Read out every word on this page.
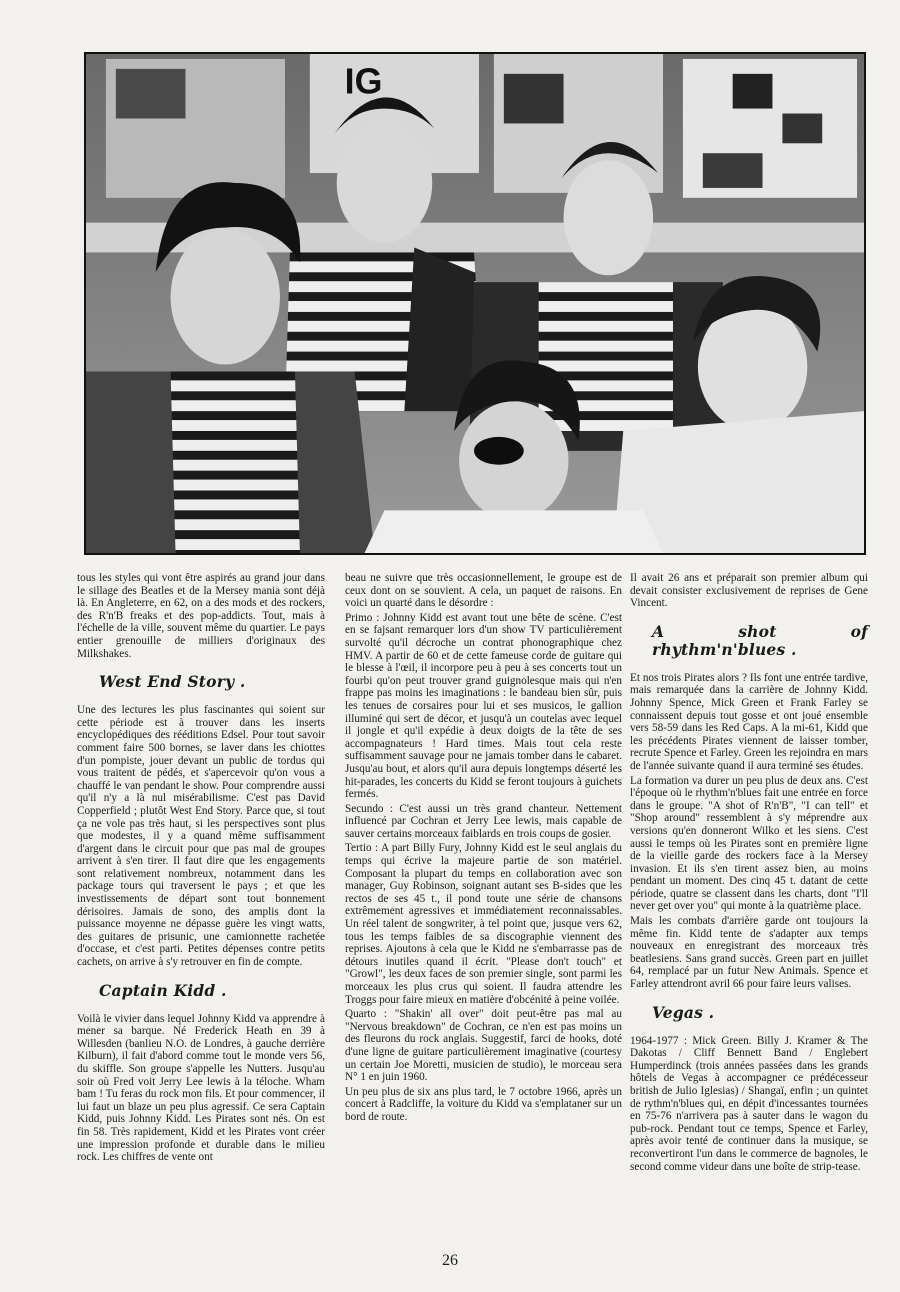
IG

tous les styles qui vont être aspirés au grand jour dans le sillage des Beatles et de la Mersey mania sont déjà là. En Angleterre, en 62, on a des mods et des rockers, des R'n'B freaks et des pop-addicts. Tout, mais à l'échelle de la ville, souvent même du quartier. Le pays entier grenouille de milliers d'originaux des Milkshakes.

West End Story .

Une des lectures les plus fascinantes qui soient sur cette période est à trouver dans les inserts encyclopédiques des rééditions Edsel. Pour tout savoir comment faire 500 bornes, se laver dans les chiottes d'un pompiste, jouer devant un public de tordus qui vous traitent de pédés, et s'apercevoir qu'on vous a chauffé le van pendant le show. Pour comprendre aussi qu'il n'y a là nul misérabilisme. C'est pas David Copperfield ; plutôt West End Story. Parce que, si tout ça ne vole pas très haut, si les perspectives sont plus que modestes, il y a quand même suffisamment d'argent dans le circuit pour que pas mal de groupes arrivent à s'en tirer. Il faut dire que les engagements sont relativement nombreux, notamment dans les package tours qui traversent le pays ; et que les investissements de départ sont tout bonnement dérisoires. Jamais de sono, des amplis dont la puissance moyenne ne dépasse guère les vingt watts, des guitares de prisunic, une camionnette rachetée d'occase, et c'est parti. Petites dépenses contre petits cachets, on arrive à s'y retrouver en fin de compte.

Captain Kidd .

Voilà le vivier dans lequel Johnny Kidd va apprendre à mener sa barque. Né Frederick Heath en 39 à Willesden (banlieu N.O. de Londres, à gauche derrière Kilburn), il fait d'abord comme tout le monde vers 56, du skiffle. Son groupe s'appelle les Nutters. Jusqu'au soir où Fred voit Jerry Lee lewis à la téloche. Wham bam ! Tu feras du rock mon fils. Et pour commencer, il lui faut un blaze un peu plus agressif. Ce sera Captain Kidd, puis Johnny Kidd. Les Pirates sont nés. On est fin 58. Très rapidement, Kidd et les Pirates vont créer une impression profonde et durable dans le milieu rock. Les chiffres de vente ont

beau ne suivre que très occasionnellement, le groupe est de ceux dont on se souvient. A cela, un paquet de raisons. En voici un quarté dans le désordre :

Primo : Johnny Kidd est avant tout une bête de scène. C'est en se fajsant remarquer lors d'un show TV particulièrement survolté qu'il décroche un contrat phonographique chez HMV. A partir de 60 et de cette fameuse corde de guitare qui le blesse à l'œil, il incorpore peu à peu à ses concerts tout un fourbi qu'on peut trouver grand guignolesque mais qui n'en frappe pas moins les imaginations : le bandeau bien sûr, puis les tenues de corsaires pour lui et ses musicos, le gallion illuminé qui sert de décor, et jusqu'à un coutelas avec lequel il jongle et qu'il expédie à deux doigts de la tête de ses accompagnateurs ! Hard times. Mais tout cela reste suffisamment sauvage pour ne jamais tomber dans le cabaret. Jusqu'au bout, et alors qu'il aura depuis longtemps déserté les hit-parades, les concerts du Kidd se feront toujours à guichets fermés.

Secundo : C'est aussi un très grand chanteur. Nettement influencé par Cochran et Jerry Lee lewis, mais capable de sauver certains morceaux faiblards en trois coups de gosier.

Tertio : A part Billy Fury, Johnny Kidd est le seul anglais du temps qui écrive la majeure partie de son matériel. Composant la plupart du temps en collaboration avec son manager, Guy Robinson, soignant autant ses B-sides que les rectos de ses 45 t., il pond toute une série de chansons extrêmement agressives et immédiatement reconnaissables. Un réel talent de songwriter, à tel point que, jusque vers 62, tous les temps faibles de sa discographie viennent des reprises. Ajoutons à cela que le Kidd ne s'embarrasse pas de détours inutiles quand il écrit. "Please don't touch" et "Growl", les deux faces de son premier single, sont parmi les morceaux les plus crus qui soient. Il faudra attendre les Troggs pour faire mieux en matière d'obcénité à peine voilée.

Quarto : "Shakin' all over" doit peut-être pas mal au "Nervous breakdown" de Cochran, ce n'en est pas moins un des fleurons du rock anglais. Suggestif, farci de hooks, doté d'une ligne de guitare particulièrement imaginative (courtesy un certain Joe Moretti, musicien de studio), le morceau sera N° 1 en juin 1960.

Un peu plus de six ans plus tard, le 7 octobre 1966, après un concert à Radcliffe, la voiture du Kidd va s'emplataner sur un bord de route.

Il avait 26 ans et préparait son premier album qui devait consister exclusivement de reprises de Gene Vincent.

A shot of rhythm'n'blues .

Et nos trois Pirates alors ? Ils font une entrée tardive, mais remarquée dans la carrière de Johnny Kidd. Johnny Spence, Mick Green et Frank Farley se connaissent depuis tout gosse et ont joué ensemble vers 58-59 dans les Red Caps. A la mi-61, Kidd que les précédents Pirates viennent de laisser tomber, recrute Spence et Farley. Green les rejoindra en mars de l'année suivante quand il aura terminé ses études.

La formation va durer un peu plus de deux ans. C'est l'époque où le rhythm'n'blues fait une entrée en force dans le groupe. "A shot of R'n'B", "I can tell" et "Shop around" ressemblent à s'y méprendre aux versions qu'en donneront Wilko et les siens. C'est aussi le temps où les Pirates sont en première ligne de la vieille garde des rockers face à la Mersey invasion. Et ils s'en tirent assez bien, au moins pendant un moment. Des cinq 45 t. datant de cette période, quatre se classent dans les charts, dont "I'll never get over you" qui monte à la quatrième place.

Mais les combats d'arrière garde ont toujours la même fin. Kidd tente de s'adapter aux temps nouveaux en enregistrant des morceaux très beatlesiens. Sans grand succès. Green part en juillet 64, remplacé par un futur New Animals. Spence et Farley attendront avril 66 pour faire leurs valises.

Vegas .

1964-1977 : Mick Green. Billy J. Kramer & The Dakotas / Cliff Bennett Band / Englebert Humperdinck (trois années passées dans les grands hôtels de Vegas à accompagner ce prédécesseur british de Julio Iglesias) / Shangaï, enfin ; un quintet de rythm'n'blues qui, en dépit d'incessantes tournées en 75-76 n'arrivera pas à sauter dans le wagon du pub-rock. Pendant tout ce temps, Spence et Farley, après avoir tenté de continuer dans la musique, se reconvertiront l'un dans le commerce de bagnoles, le second comme videur dans une boîte de strip-tease.

26
